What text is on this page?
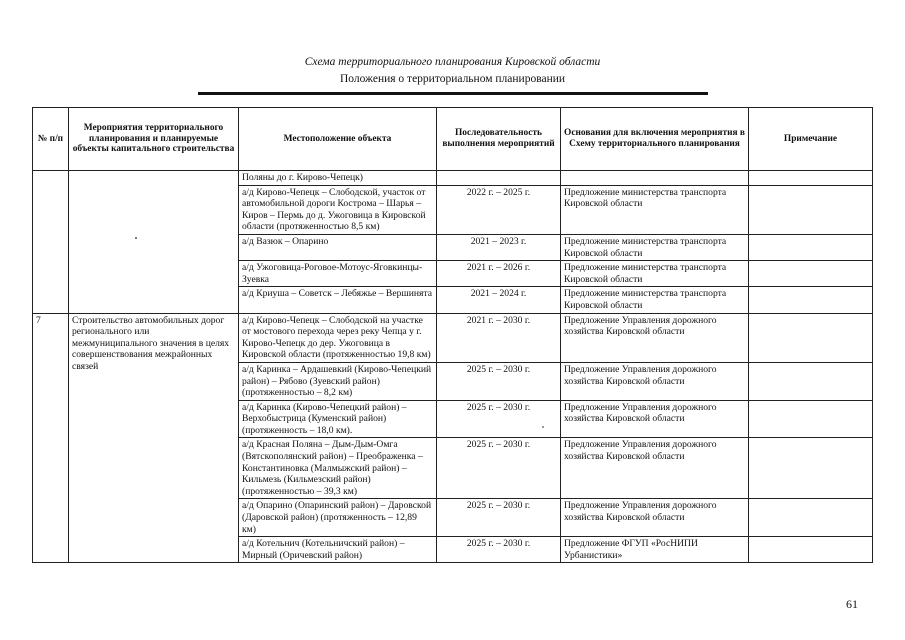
Схема территориального планирования Кировской области
Положения о территориальном планировании
№ п/п	Мероприятия территориального планирования и планируемые объекты капитального строительства	Местоположение объекта	Последовательность выполнения мероприятий	Основания для включения мероприятия в Схему территориального планирования	Примечание
		Поляны до г. Кирово-Чепецк)			
		а/д Кирово-Чепецк – Слободской, участок от автомобильной дороги Кострома – Шарья – Киров – Пермь до д. Ужоговица в Кировской области (протяженностью 8,5 км)	2022 г. – 2025 г.	Предложение министерства транспорта Кировской области	
		а/д Вазюк – Опарино	2021 – 2023 г.	Предложение министерства транспорта Кировской области	
		а/д Ужоговица-Роговое-Мотоус-Яговкинцы-Зуевка	2021 г. – 2026 г.	Предложение министерства транспорта Кировской области	
		а/д Криуша – Советск – Лебяжье – Вершинята	2021 – 2024 г.	Предложение министерства транспорта Кировской области	
7	Строительство автомобильных дорог регионального или межмуниципального значения в целях совершенствования межрайонных связей	а/д Кирово-Чепецк – Слободской на участке от мостового перехода через реку Чепца у г. Кирово-Чепецк до дер. Ужоговица в Кировской области (протяженностью 19,8 км)	2021 г. – 2030 г.	Предложение Управления дорожного хозяйства Кировской области	
		а/д Каринка – Ардашевкий (Кирово-Чепецкий район) – Рябово (Зуевский район) (протяженностью – 8,2 км)	2025 г. – 2030 г.	Предложение Управления дорожного хозяйства Кировской области	
		а/д Каринка (Кирово-Чепецкий район) – Верхобыстрица (Куменский район) (протяженность – 18,0 км).	2025 г. – 2030 г.	Предложение Управления дорожного хозяйства Кировской области	
		а/д Красная Поляна – Дым-Дым-Омга (Вятскополянский район) – Преображенка – Константиновка (Малмыжский район) – Кильмезь (Кильмезский район) (протяженностью – 39,3 км)	2025 г. – 2030 г.	Предложение Управления дорожного хозяйства Кировской области	
		а/д Опарино (Опаринский район) – Даровской (Даровской район) (протяженность – 12,89 км)	2025 г. – 2030 г.	Предложение Управления дорожного хозяйства Кировской области	
		а/д Котельнич (Котельничский район) – Мирный (Оричевский район)	2025 г. – 2030 г.	Предложение ФГУП «РосНИПИ Урбанистики»	
61
